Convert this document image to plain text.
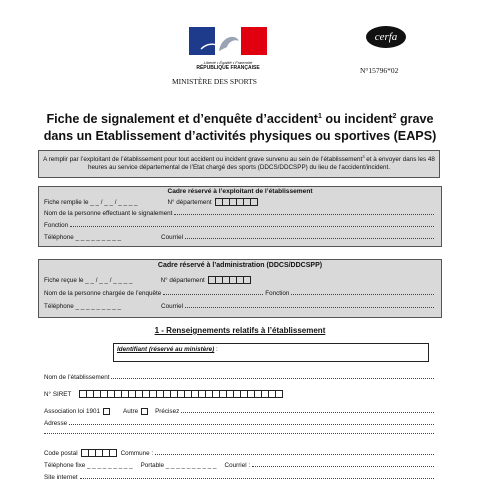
Liberté • Égalité • Fraternité
RÉPUBLIQUE FRANÇAISE
MINISTÈRE DES SPORTS
cerfa
N°15796*02
Fiche de signalement et d’enquête d’accident$^1$ ou incident$^2$ grave
dans un Etablissement d’activités physiques ou sportives (EAPS)
A remplir par l’exploitant de l’établissement pour tout accident ou incident grave survenu au sein de l’établissement$^3$ et à envoyer dans les 48 heures au service départemental de l’Etat chargé des sports (DDCS/DDCSPP) du lieu de l’accident/incident.
Cadre réservé à l’exploitant de l’établissement
Fiche remplie le _ _ / _ _ / _ _ _ _	N° département
Nom de la personne effectuant le signalement
Fonction
Téléphone _ _ _ _ _ _ _ _ _	Courriel
Cadre réservé à l’administration (DDCS/DDCSPP)
Fiche reçue le _ _ / _ _ / _ _ _ _	N° département
Nom de la personne chargée de l’enquête	Fonction
Téléphone _ _ _ _ _ _ _ _ _	Courriel
1 - Renseignements relatifs à l’établissement
Identifiant (réservé au ministère) :
Nom de l’établissement
N° SIRET
Association loi 1901	Autre	Précisez
Adresse
Code postal	Commune :
Téléphone fixe _ _ _ _ _ _ _ _ _ Portable _ _ _ _ _ _ _ _ _ _ Courriel :
Site internet
